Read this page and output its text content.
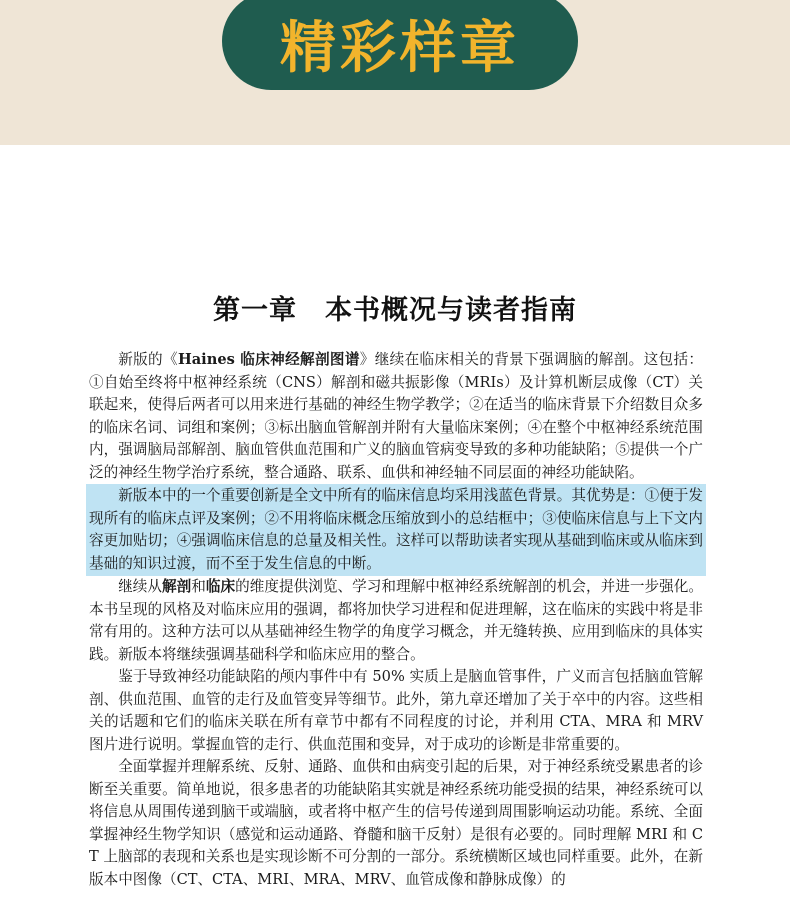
精彩样章
第一章　本书概况与读者指南

新版的《Haines 临床神经解剖图谱》继续在临床相关的背景下强调脑的解剖。这包括：①自始至终将中枢神经系统（CNS）解剖和磁共振影像（MRIs）及计算机断层成像（CT）关联起来，使得后两者可以用来进行基础的神经生物学教学；②在适当的临床背景下介绍数目众多的临床名词、词组和案例；③标出脑血管解剖并附有大量临床案例；④在整个中枢神经系统范围内，强调脑局部解剖、脑血管供血范围和广义的脑血管病变导致的多种功能缺陷；⑤提供一个广泛的神经生物学治疗系统，整合通路、联系、血供和神经轴不同层面的神经功能缺陷。

新版本中的一个重要创新是全文中所有的临床信息均采用浅蓝色背景。其优势是：①便于发现所有的临床点评及案例；②不用将临床概念压缩放到小的总结框中；③使临床信息与上下文内容更加贴切；④强调临床信息的总量及相关性。这样可以帮助读者实现从基础到临床或从临床到基础的知识过渡，而不至于发生信息的中断。

继续从解剖和临床的维度提供浏览、学习和理解中枢神经系统解剖的机会，并进一步强化。本书呈现的风格及对临床应用的强调，都将加快学习进程和促进理解，这在临床的实践中将是非常有用的。这种方法可以从基础神经生物学的角度学习概念，并无缝转换、应用到临床的具体实践。新版本将继续强调基础科学和临床应用的整合。

鉴于导致神经功能缺陷的颅内事件中有 50% 实质上是脑血管事件，广义而言包括脑血管解剖、供血范围、血管的走行及血管变异等细节。此外，第九章还增加了关于卒中的内容。这些相关的话题和它们的临床关联在所有章节中都有不同程度的讨论，并利用 CTA、MRA 和 MRV 图片进行说明。掌握血管的走行、供血范围和变异，对于成功的诊断是非常重要的。

全面掌握并理解系统、反射、通路、血供和由病变引起的后果，对于神经系统受累患者的诊断至关重要。简单地说，很多患者的功能缺陷其实就是神经系统功能受损的结果，神经系统可以将信息从周围传递到脑干或端脑，或者将中枢产生的信号传递到周围影响运动功能。系统、全面掌握神经生物学知识（感觉和运动通路、脊髓和脑干反射）是很有必要的。同时理解 MRI 和 CT 上脑部的表现和关系也是实现诊断不可分割的一部分。系统横断区域也同样重要。此外，在新版本中图像（CT、CTA、MRI、MRA、MRV、血管成像和静脉成像）的
